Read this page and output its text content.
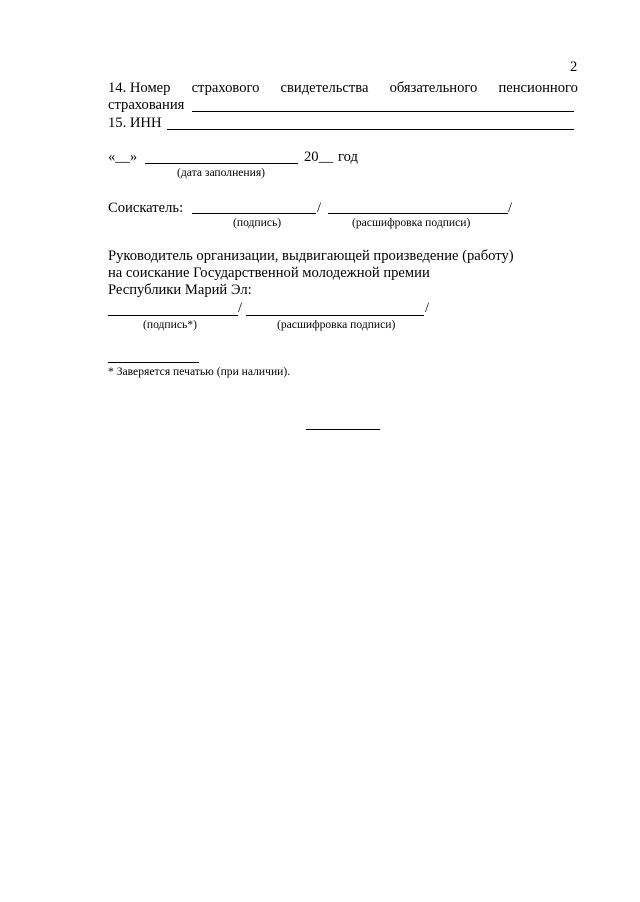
2
14. Номер страхового свидетельства обязательного пенсионного
страхования
15. ИНН
«__»	20__ год
(дата заполнения)
Соискатель:	/	/
(подпись)	(расшифровка подписи)
Руководитель организации, выдвигающей произведение (работу)
на соискание Государственной молодежной премии
Республики Марий Эл:
/	/
(подпись*)	(расшифровка подписи)
* Заверяется печатью (при наличии).
